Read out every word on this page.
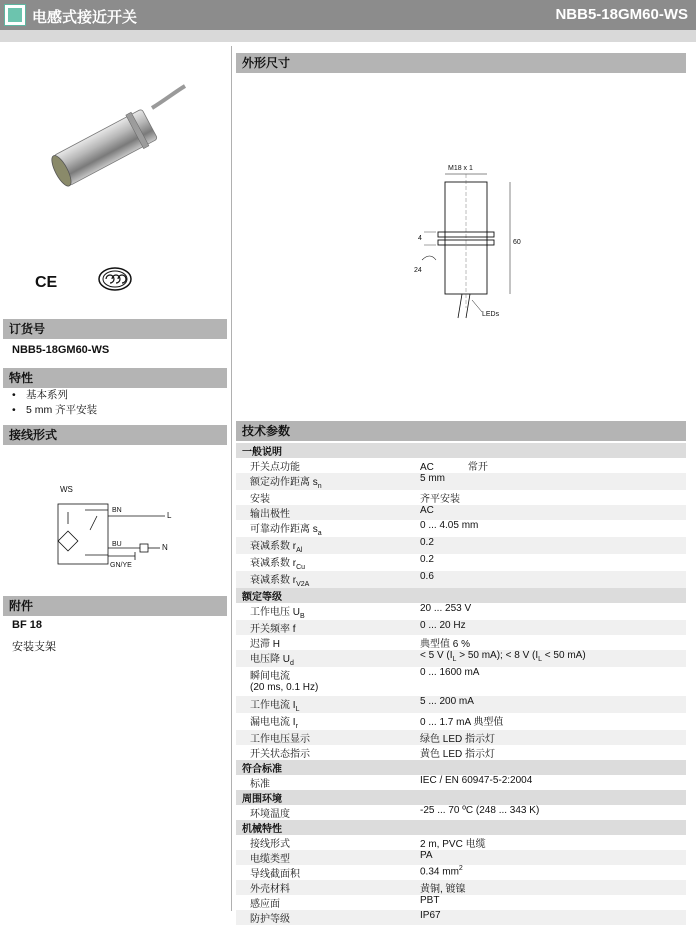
电感式接近开关	NBB5-18GM60-WS
CE
订货号
NBB5-18GM60-WS
特性
• 基本系列
• 5 mm 齐平安装
接线形式
WS
BN
L
BU	N
GN/YE
附件
BF 18
安装支架
外形尺寸
M18 x 1
4
60
24
LEDs
技术参数
一般说明	
开关点功能	AC 常开
额定动作距离 $s_n$	5 mm
安装	齐平安装
输出极性	AC
可靠动作距离 $s_a$	0 ... 4.05 mm
衰减系数 $r_{Al}$	0.2
衰减系数 $r_{Cu}$	0.2
衰减系数 $r_{V2A}$	0.6
额定等级	
工作电压 $U_B$	20 ... 253 V
开关频率 f	0 ... 20 Hz
迟滞 H	典型值 6 %
电压降 $U_d$	< 5 V ($I_L > 50$ mA); < 8 V ($I_L < 50$ mA)
瞬间电流
(20 ms, 0.1 Hz)	0 ... 1600 mA
工作电流 $I_L$	5 ... 200 mA
漏电电流 $I_r$	0 ... 1.7 mA 典型值
工作电压显示	绿色 LED 指示灯
开关状态指示	黄色 LED 指示灯
符合标准	
标准	IEC / EN 60947-5-2:2004
周围环境	
环境温度	-25 ... 70 ºC (248 ... 343 K)
机械特性	
接线形式	2 m, PVC 电缆
电缆类型	PA
导线截面积	0.34 $mm^2$
外壳材料	黄铜, 镀镍
感应面	PBT
防护等级	IP67
